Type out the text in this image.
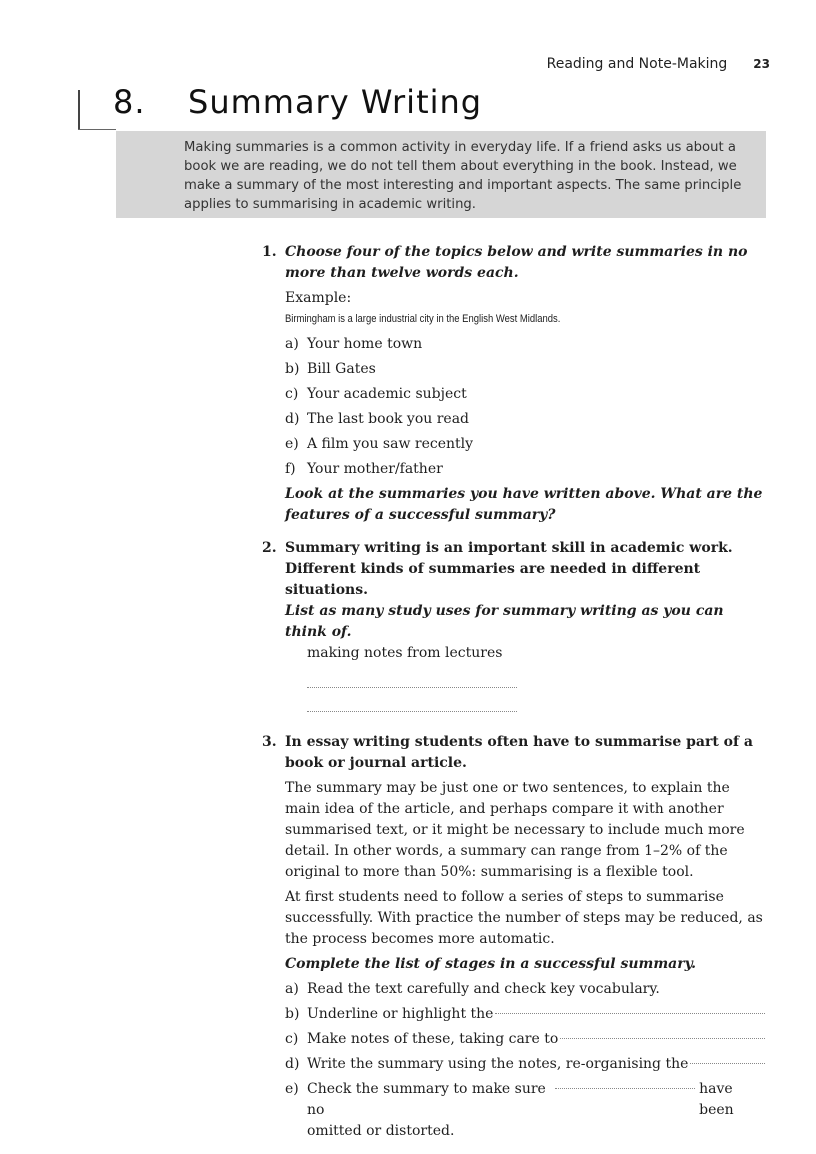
Reading and Note-Making 23
8.	Summary Writing
Making summaries is a common activity in everyday life. If a friend asks us about a book we are reading, we do not tell them about everything in the book. Instead, we make a summary of the most interesting and important aspects. The same principle applies to summarising in academic writing.
1. Choose four of the topics below and write summaries in no more than twelve words each.

Example:

Birmingham is a large industrial city in the English West Midlands.

a) Your home town
b) Bill Gates
c) Your academic subject
d) The last book you read
e) A film you saw recently
f) Your mother/father

Look at the summaries you have written above. What are the features of a successful summary?

2. Summary writing is an important skill in academic work.

Different kinds of summaries are needed in different situations.

List as many study uses for summary writing as you can think of.

making notes from lectures

3. In essay writing students often have to summarise part of a book or journal article.

The summary may be just one or two sentences, to explain the main idea of the article, and perhaps compare it with another summarised text, or it might be necessary to include much more detail. In other words, a summary can range from 1–2% of the original to more than 50%: summarising is a flexible tool.

At first students need to follow a series of steps to summarise successfully. With practice the number of steps may be reduced, as the process becomes more automatic.

Complete the list of stages in a successful summary.

a) Read the text carefully and check key vocabulary.
b) Underline or highlight the
c) Make notes of these, taking care to
d) Write the summary using the notes, re-organising the
e) Check the summary to make sure no
have been
omitted or distorted.
